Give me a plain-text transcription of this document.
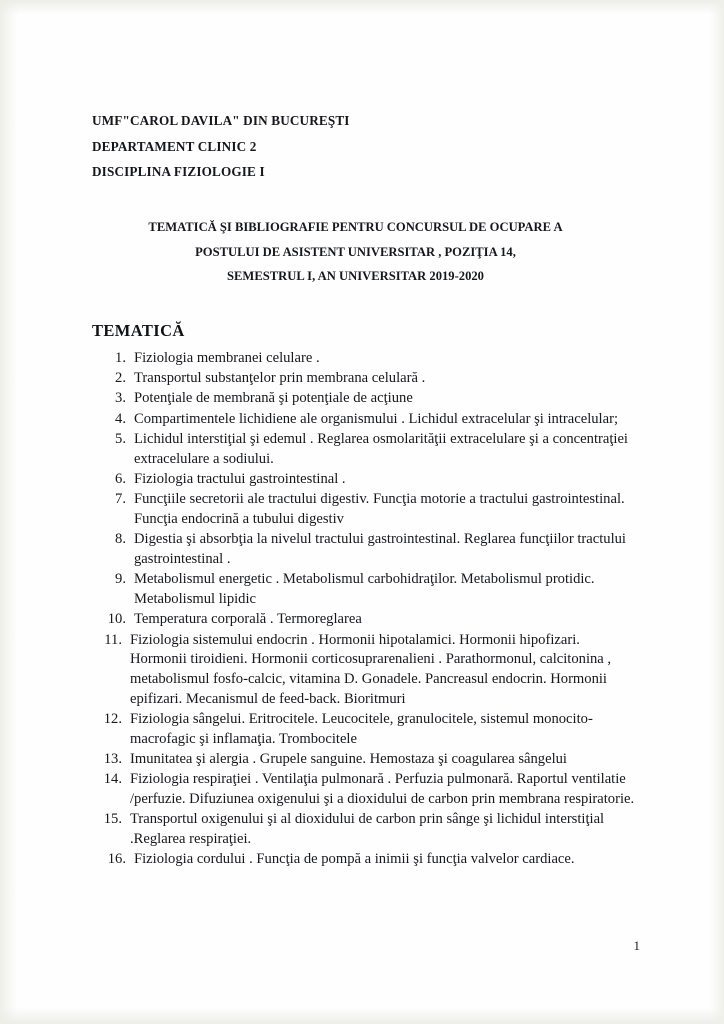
UMF"CAROL DAVILA" DIN BUCUREŞTI
DEPARTAMENT CLINIC 2
DISCIPLINA FIZIOLOGIE I
TEMATICĂ ŞI BIBLIOGRAFIE PENTRU CONCURSUL DE OCUPARE A
POSTULUI DE ASISTENT UNIVERSITAR , POZIŢIA 14,
SEMESTRUL I, AN UNIVERSITAR 2019-2020
TEMATICĂ
Fiziologia membranei celulare .
Transportul substanţelor prin membrana celulară .
Potenţiale de membrană şi potenţiale de acţiune
Compartimentele lichidiene ale organismului . Lichidul extracelular şi intracelular;
Lichidul interstiţial şi edemul . Reglarea osmolarităţii extracelulare şi a concentraţiei extracelulare a sodiului.
Fiziologia tractului gastrointestinal .
Funcţiile secretorii ale tractului digestiv. Funcţia motorie a tractului gastrointestinal. Funcţia endocrină a tubului digestiv
Digestia şi absorbţia la nivelul tractului gastrointestinal. Reglarea funcţiilor tractului gastrointestinal .
Metabolismul energetic . Metabolismul carbohidraţilor. Metabolismul protidic. Metabolismul lipidic
Temperatura corporală . Termoreglarea
Fiziologia sistemului endocrin . Hormonii hipotalamici. Hormonii hipofizari. Hormonii tiroidieni. Hormonii corticosuprarenalieni . Parathormonul, calcitonina , metabolismul fosfo-calcic, vitamina D. Gonadele. Pancreasul endocrin. Hormonii epifizari. Mecanismul de feed-back. Bioritmuri
Fiziologia sângelui. Eritrocitele. Leucocitele, granulocitele, sistemul monocito-macrofagic şi inflamaţia. Trombocitele
Imunitatea şi alergia . Grupele sanguine. Hemostaza şi coagularea sângelui
Fiziologia respiraţiei . Ventilaţia pulmonară . Perfuzia pulmonară. Raportul ventilatie /perfuzie. Difuziunea oxigenului şi a dioxidului de carbon prin membrana respiratorie.
Transportul oxigenului şi al dioxidului de carbon prin sânge şi lichidul interstiţial .Reglarea respiraţiei.
Fiziologia cordului . Funcţia de pompă a inimii şi funcţia valvelor cardiace.
1
